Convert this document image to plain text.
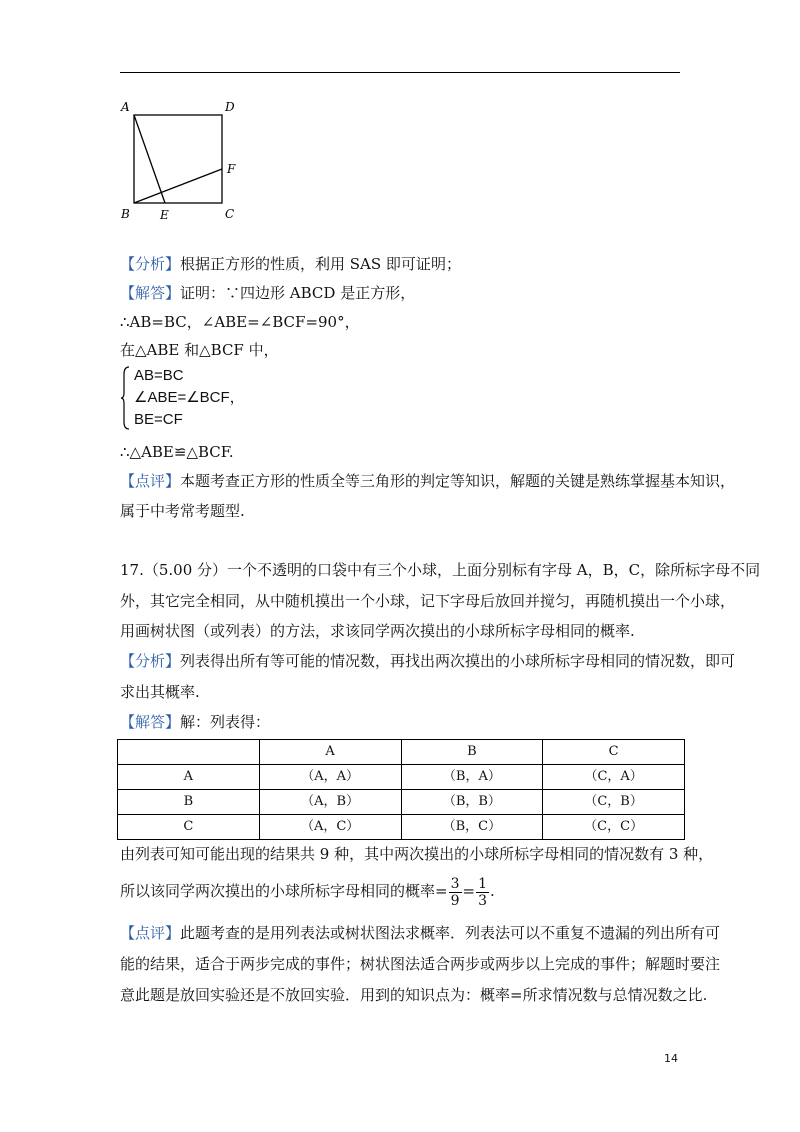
A	D
F
B	E	C
【分析】根据正方形的性质，利用 SAS 即可证明；
【解答】证明：∵四边形 ABCD 是正方形，
∴AB=BC，∠ABE=∠BCF=90°，
在△ABE 和△BCF 中，
AB=BC
∠ABE=∠BCF，
BE=CF
∴△ABE≌△BCF.
【点评】本题考查正方形的性质全等三角形的判定等知识，解题的关键是熟练掌握基本知识，
属于中考常考题型.
17.（5.00 分）一个不透明的口袋中有三个小球，上面分别标有字母 A，B，C，除所标字母不同
外，其它完全相同，从中随机摸出一个小球，记下字母后放回并搅匀，再随机摸出一个小球，
用画树状图（或列表）的方法，求该同学两次摸出的小球所标字母相同的概率.
【分析】列表得出所有等可能的情况数，再找出两次摸出的小球所标字母相同的情况数，即可
求出其概率.
【解答】解：列表得：
	A	B	C
A	（A，A）	（B，A）	（C，A）
B	（A，B）	（B，B）	（C，B）
C	（A，C）	（B，C）	（C，C）
由列表可知可能出现的结果共 9 种，其中两次摸出的小球所标字母相同的情况数有 3 种，
所以该同学两次摸出的小球所标字母相同的概率= $\frac{3}{9} = \frac{1}{3}$ .
【点评】此题考查的是用列表法或树状图法求概率．列表法可以不重复不遗漏的列出所有可
能的结果，适合于两步完成的事件；树状图法适合两步或两步以上完成的事件；解题时要注
意此题是放回实验还是不放回实验．用到的知识点为：概率=所求情况数与总情况数之比.
14
